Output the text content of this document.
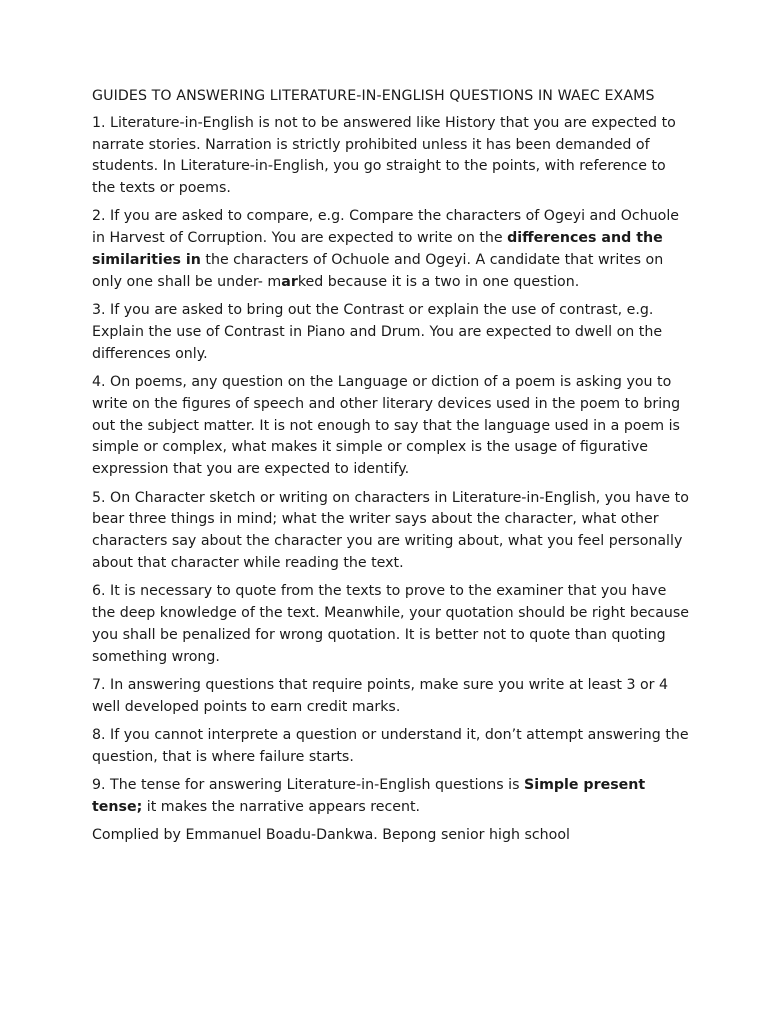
GUIDES TO ANSWERING LITERATURE-IN-ENGLISH QUESTIONS IN WAEC EXAMS

1. Literature-in-English is not to be answered like History that you are expected to narrate stories. Narration is strictly prohibited unless it has been demanded of students. In Literature-in-English, you go straight to the points, with reference to the texts or poems.

2. If you are asked to compare, e.g. Compare the characters of Ogeyi and Ochuole in Harvest of Corruption. You are expected to write on the differences and the similarities in the characters of Ochuole and Ogeyi. A candidate that writes on only one shall be under- marked because it is a two in one question.

3. If you are asked to bring out the Contrast or explain the use of contrast, e.g. Explain the use of Contrast in Piano and Drum. You are expected to dwell on the differences only.

4. On poems, any question on the Language or diction of a poem is asking you to write on the figures of speech and other literary devices used in the poem to bring out the subject matter. It is not enough to say that the language used in a poem is simple or complex, what makes it simple or complex is the usage of figurative expression that you are expected to identify.

5. On Character sketch or writing on characters in Literature-in-English, you have to bear three things in mind; what the writer says about the character, what other characters say about the character you are writing about, what you feel personally about that character while reading the text.

6. It is necessary to quote from the texts to prove to the examiner that you have the deep knowledge of the text. Meanwhile, your quotation should be right because you shall be penalized for wrong quotation. It is better not to quote than quoting something wrong.

7. In answering questions that require points, make sure you write at least 3 or 4 well developed points to earn credit marks.

8. If you cannot interprete a question or understand it, don’t attempt answering the question, that is where failure starts.

9. The tense for answering Literature-in-English questions is Simple present tense; it makes the narrative appears recent.

Complied by Emmanuel Boadu-Dankwa. Bepong senior high school
